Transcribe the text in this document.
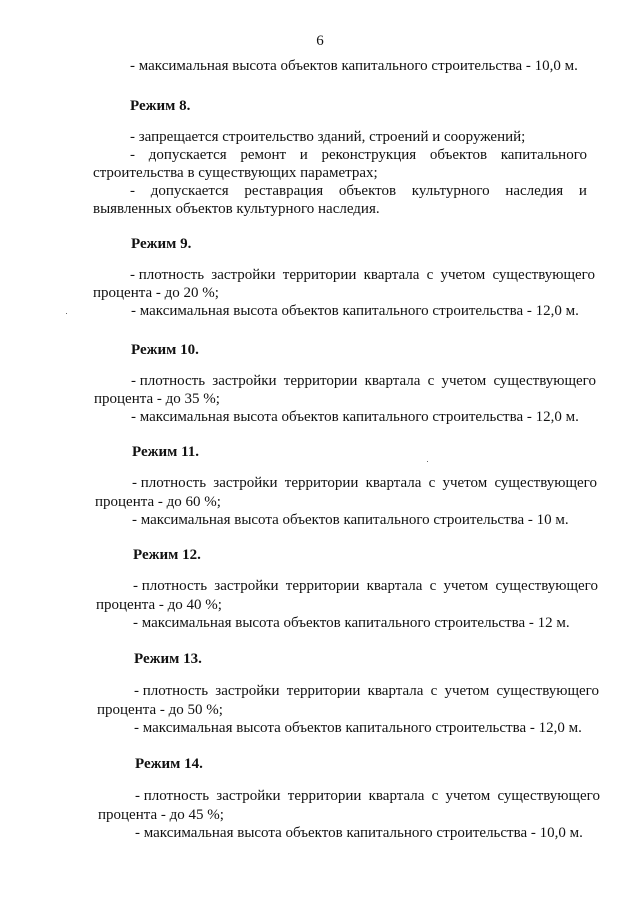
6
- максимальная высота объектов капитального строительства - 10,0 м.
Режим 8.
- запрещается строительство зданий, строений и сооружений;
- допускается ремонт и реконструкция объектов капитального
строительства в существующих параметрах;
- допускается реставрация объектов культурного наследия и
выявленных объектов культурного наследия.
Режим 9.
- плотность застройки территории квартала с учетом существующего
процента - до 20 %;
- максимальная высота объектов капитального строительства - 12,0 м.
Режим 10.
- плотность застройки территории квартала с учетом существующего
процента - до 35 %;
- максимальная высота объектов капитального строительства - 12,0 м.
Режим 11.
- плотность застройки территории квартала с учетом существующего
процента - до 60 %;
- максимальная высота объектов капитального строительства - 10 м.
Режим 12.
- плотность застройки территории квартала с учетом существующего
процента - до 40 %;
- максимальная высота объектов капитального строительства - 12 м.
Режим 13.
- плотность застройки территории квартала с учетом существующего
процента - до 50 %;
- максимальная высота объектов капитального строительства - 12,0 м.
Режим 14.
- плотность застройки территории квартала с учетом существующего
процента - до 45 %;
- максимальная высота объектов капитального строительства - 10,0 м.
